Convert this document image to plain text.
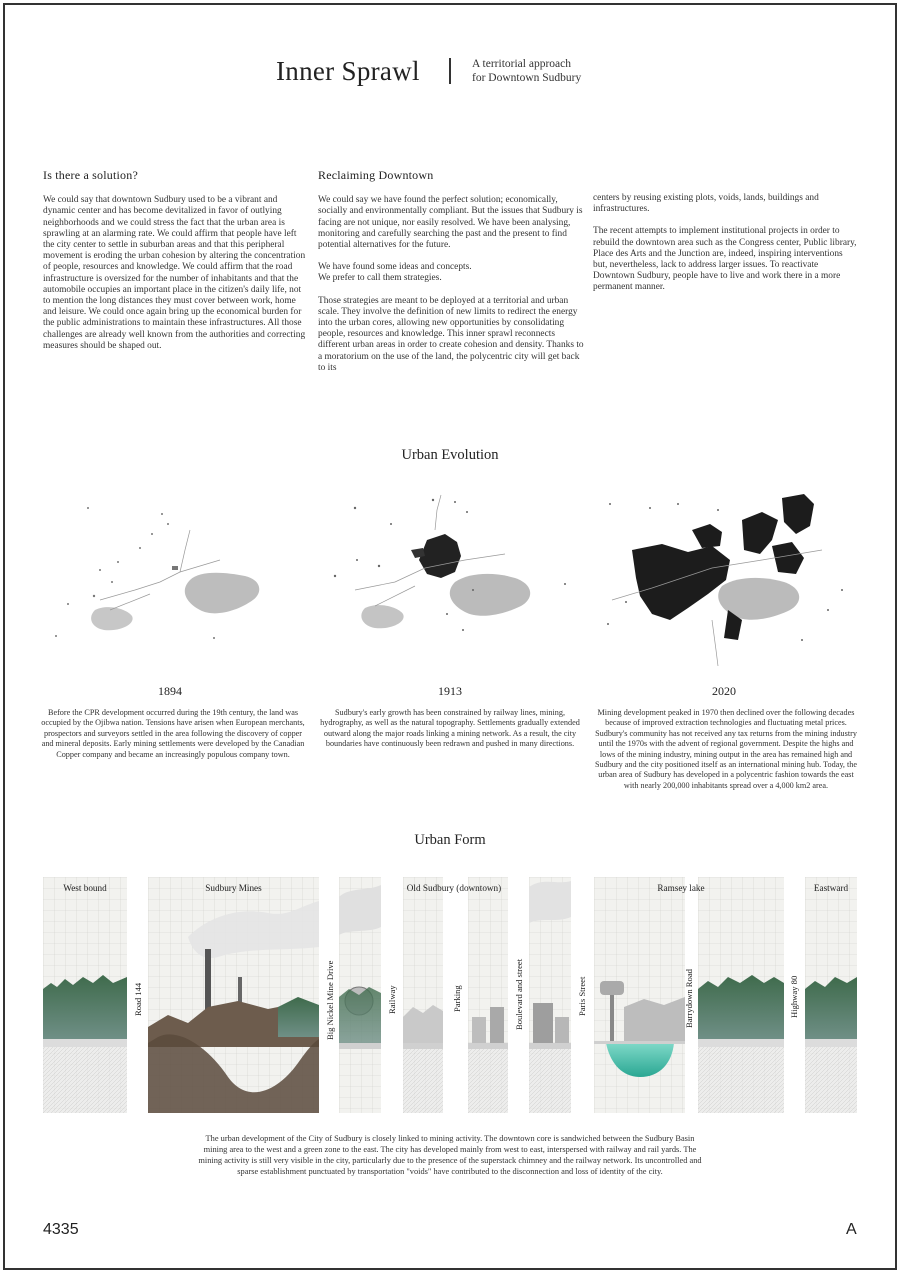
Inner Sprawl	A territorial approach
for Downtown Sudbury
Is there a solution?

We could say that downtown Sudbury used to be a vibrant and dynamic center and has become devitalized in favor of outlying neighborhoods and we could stress the fact that the urban area is sprawling at an alarming rate. We could affirm that people have left the city center to settle in suburban areas and that this peripheral movement is eroding the urban cohesion by altering the concentration of people, resources and knowledge. We could affirm that the road infrastructure is oversized for the number of inhabitants and that the automobile occupies an important place in the citizen's daily life, not to mention the long distances they must cover between work, home and leisure. We could once again bring up the economical burden for the public administrations to maintain these infrastructures. All those challenges are already well known from the authorities and correcting measures should be shaped out.

Reclaiming Downtown

We could say we have found the perfect solution; economically, socially and environmentally compliant. But the issues that Sudbury is facing are not unique, nor easily resolved. We have been analysing, monitoring and carefully searching the past and the present to find potential alternatives for the future.

We have found some ideas and concepts.
We prefer to call them strategies.

Those strategies are meant to be deployed at a territorial and urban scale. They involve the definition of new limits to redirect the energy into the urban cores, allowing new opportunities by consolidating people, resources and knowledge. This inner sprawl reconnects different urban areas in order to create cohesion and density. Thanks to a moratorium on the use of the land, the polycentric city will get back to its

centers by reusing existing plots, voids, lands, buildings and infrastructures.

The recent attempts to implement institutional projects in order to rebuild the downtown area such as the Congress center, Public library, Place des Arts and the Junction are, indeed, inspiring interventions but, nevertheless, lack to address larger issues. To reactivate Downtown Sudbury, people have to live and work there in a more permanent manner.

Urban Evolution
1894
Before the CPR development occurred during the 19th century, the land was occupied by the Ojibwa nation. Tensions have arisen when European merchants, prospectors and surveyors settled in the area following the discovery of copper and mineral deposits. Early mining settlements were developed by the Canadian Copper company and became an increasingly populous company town.
1913
Sudbury's early growth has been constrained by railway lines, mining, hydrography, as well as the natural topography. Settlements gradually extended outward along the major roads linking a mining network. As a result, the city boundaries have continuously been redrawn and pushed in many directions.
2020
Mining development peaked in 1970 then declined over the following decades because of improved extraction technologies and fluctuating metal prices. Sudbury's community has not received any tax returns from the mining industry until the 1970s with the advent of regional government. Despite the highs and lows of the mining industry, mining output in the area has remained high and Sudbury and the city positioned itself as an international mining hub. Today, the urban area of Sudbury has developed in a polycentric fashion towards the east with nearly 200,000 inhabitants spread over a 4,000 km2 area.
Urban Form
West bound	Sudbury Mines	Old Sudbury (downtown)	Ramsey lake	Eastward
Road 144	Big Nickel Mine Drive	Railway	Parking	Boulevard and street	Paris Street	Barrydown Road	Highway 80
The urban development of the City of Sudbury is closely linked to mining activity. The downtown core is sandwiched between the Sudbury Basin mining area to the west and a green zone to the east. The city has developed mainly from west to east, interspersed with railway and rail yards. The mining activity is still very visible in the city, particularly due to the presence of the superstack chimney and the railway network. Its uncontrolled and sparse establishment punctuated by transportation "voids" have contributed to the disconnection and loss of identity of the city.
4335	A
